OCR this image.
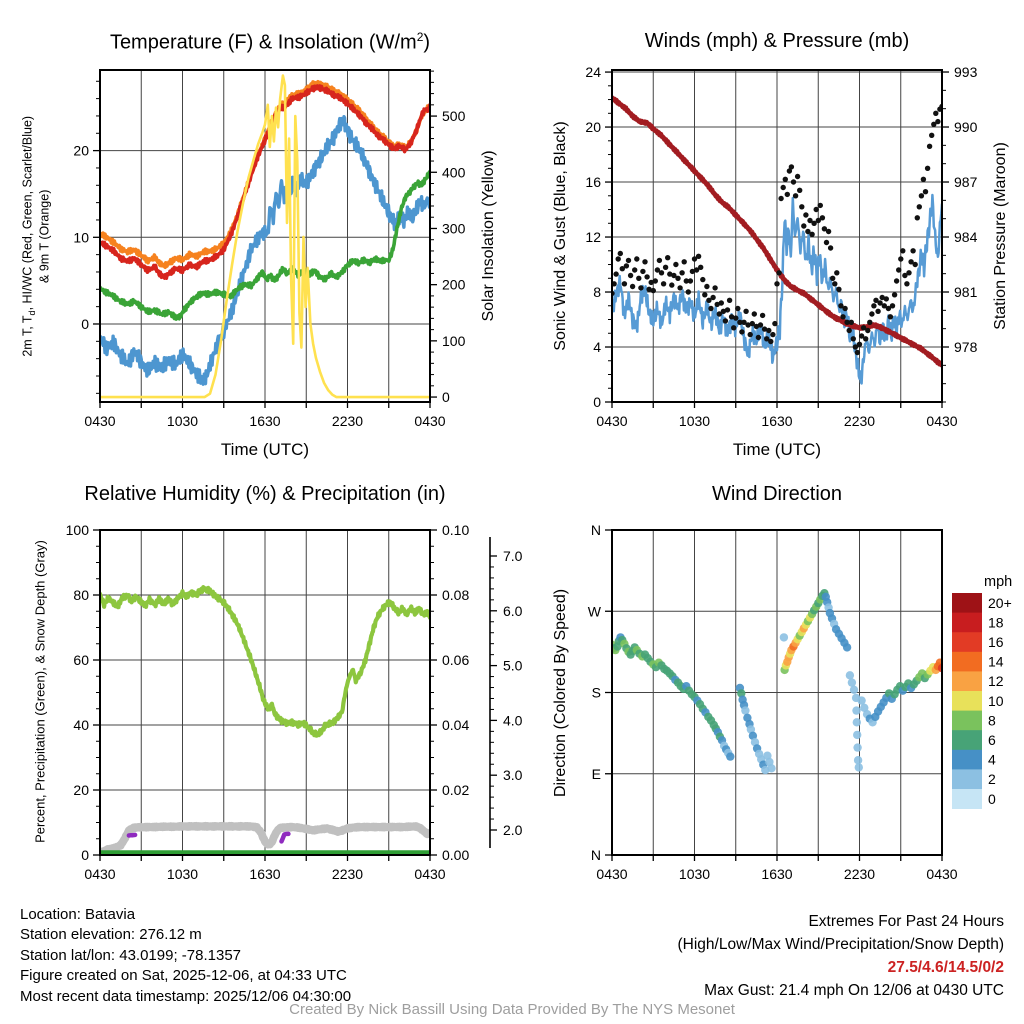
0430	1030	1630	2230	0430
0
10
20
0
100
200
300
400
500
0430	1030	1630	2230	0430
0
4
8
12
16
20
24
978
981
984
987
990
993
0430	1030	1630	2230	0430
0
20
40
60
80
100
0.00
0.02
0.04
0.06
0.08
0.10
0430	1030	1630	2230	0430
N
E
S
W
N
2.0
3.0
4.0
5.0
6.0
7.0
mph
20+
18
16
14
12
10
8
6
4
2
0
Temperature (F) & Insolation $(W/m^2)$	Winds (mph) & Pressure (mb)
Relative Humidity (%) & Precipitation (in)	Wind Direction
Time (UTC)	Time (UTC)
2m T, $T_d$, HI/WC (Red, Green, Scarlet/Blue) & 9m T (Orange)	Solar Insolation (Yellow)	Sonic Wind & Gust (Blue, Black)	Station Pressure (Maroon)
Percent, Precipitation (Green), & Snow Depth (Gray)	Direction (Colored By Speed)
Location: Batavia
Station elevation: 276.12 m
Station lat/lon: 43.0199; -78.1357
Figure created on Sat, 2025-12-06, at 04:33 UTC
Most recent data timestamp: 2025/12/06 04:30:00
Extremes For Past 24 Hours
(High/Low/Max Wind/Precipitation/Snow Depth)
27.5/4.6/14.5/0/2
Max Gust: 21.4 mph On 12/06 at 0430 UTC
Created By Nick Bassill Using Data Provided By The NYS Mesonet
